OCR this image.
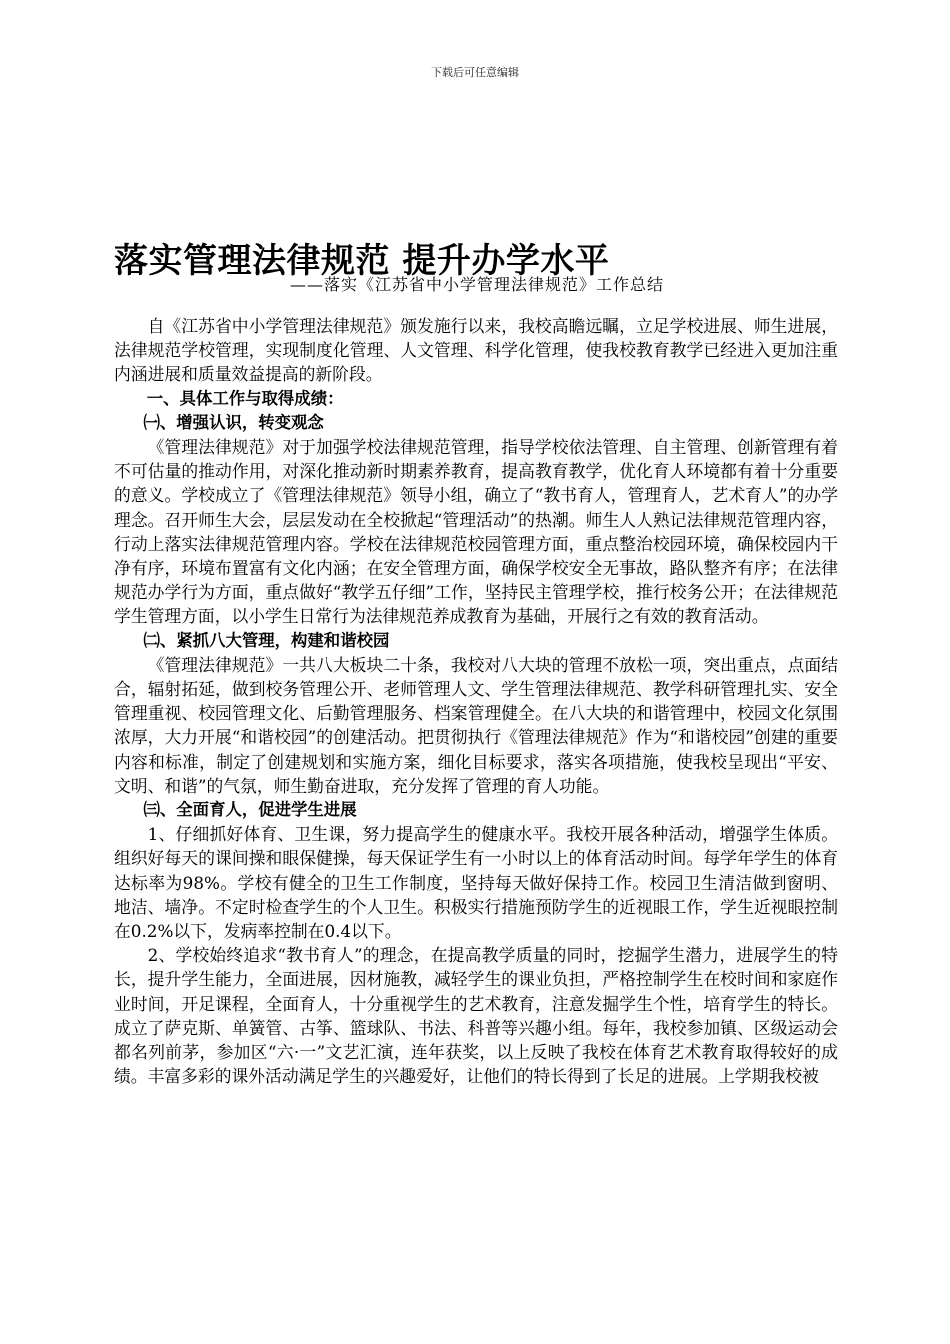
下载后可任意编辑
落实管理法律规范 提升办学水平
——落实《江苏省中小学管理法律规范》工作总结

自《江苏省中小学管理法律规范》颁发施行以来，我校高瞻远瞩，立足学校进展、师生进展，法律规范学校管理，实现制度化管理、人文管理、科学化管理，使我校教育教学已经进入更加注重内涵进展和质量效益提高的新阶段。

一、具体工作与取得成绩：
㈠、增强认识，转变观念

《管理法律规范》对于加强学校法律规范管理，指导学校依法管理、自主管理、创新管理有着不可估量的推动作用，对深化推动新时期素养教育，提高教育教学，优化育人环境都有着十分重要的意义。学校成立了《管理法律规范》领导小组，确立了“教书育人，管理育人，艺术育人”的办学理念。召开师生大会，层层发动在全校掀起“管理活动”的热潮。师生人人熟记法律规范管理内容，行动上落实法律规范管理内容。学校在法律规范校园管理方面，重点整治校园环境，确保校园内干净有序，环境布置富有文化内涵；在安全管理方面，确保学校安全无事故，路队整齐有序；在法律规范办学行为方面，重点做好“教学五仔细”工作，坚持民主管理学校，推行校务公开；在法律规范学生管理方面，以小学生日常行为法律规范养成教育为基础，开展行之有效的教育活动。

㈡、紧抓八大管理，构建和谐校园

《管理法律规范》一共八大板块二十条，我校对八大块的管理不放松一项，突出重点，点面结合，辐射拓延，做到校务管理公开、老师管理人文、学生管理法律规范、教学科研管理扎实、安全管理重视、校园管理文化、后勤管理服务、档案管理健全。在八大块的和谐管理中，校园文化氛围浓厚，大力开展“和谐校园”的创建活动。把贯彻执行《管理法律规范》作为“和谐校园”创建的重要内容和标准，制定了创建规划和实施方案，细化目标要求，落实各项措施，使我校呈现出“平安、文明、和谐”的气氛，师生勤奋进取，充分发挥了管理的育人功能。

㈢、全面育人，促进学生进展

1、仔细抓好体育、卫生课，努力提高学生的健康水平。我校开展各种活动，增强学生体质。组织好每天的课间操和眼保健操，每天保证学生有一小时以上的体育活动时间。每学年学生的体育达标率为98%。学校有健全的卫生工作制度，坚持每天做好保持工作。校园卫生清洁做到窗明、地洁、墙净。不定时检查学生的个人卫生。积极实行措施预防学生的近视眼工作，学生近视眼控制在0.2%以下，发病率控制在0.4以下。

2、学校始终追求“教书育人”的理念，在提高教学质量的同时，挖掘学生潜力，进展学生的特长，提升学生能力，全面进展，因材施教，减轻学生的课业负担，严格控制学生在校时间和家庭作业时间，开足课程，全面育人，十分重视学生的艺术教育，注意发掘学生个性，培育学生的特长。成立了萨克斯、单簧管、古筝、篮球队、书法、科普等兴趣小组。每年，我校参加镇、区级运动会都名列前茅，参加区“六·一”文艺汇演，连年获奖，以上反映了我校在体育艺术教育取得较好的成绩。丰富多彩的课外活动满足学生的兴趣爱好，让他们的特长得到了长足的进展。上学期我校被
